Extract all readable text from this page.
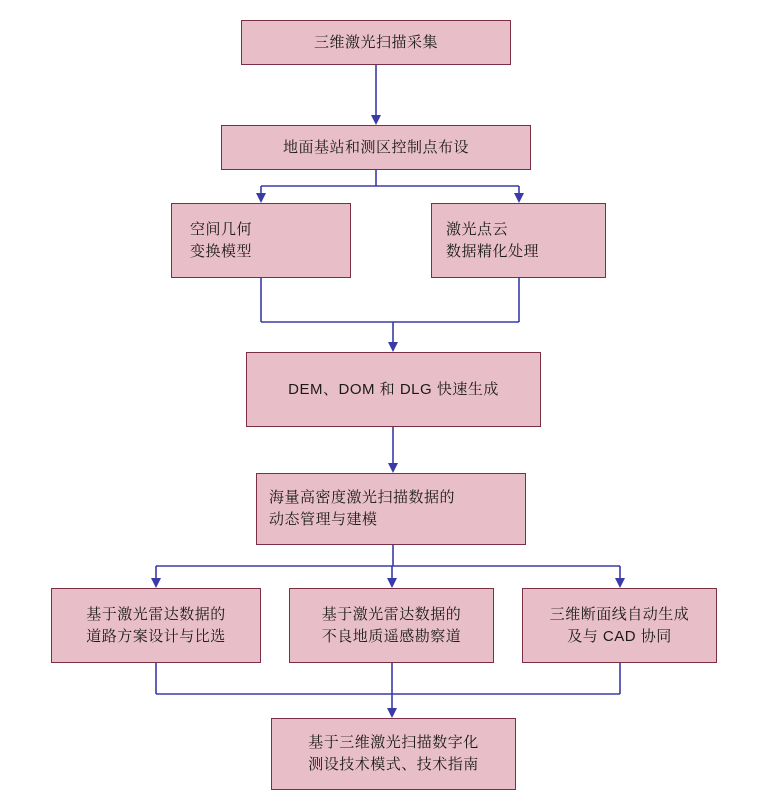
三维激光扫描采集
地面基站和测区控制点布设
空间几何
变换模型
激光点云
数据精化处理
DEM、DOM 和 DLG 快速生成
海量高密度激光扫描数据的
动态管理与建模
基于激光雷达数据的
道路方案设计与比选
基于激光雷达数据的
不良地质遥感勘察道
三维断面线自动生成
及与 CAD 协同
基于三维激光扫描数字化
测设技术模式、技术指南
